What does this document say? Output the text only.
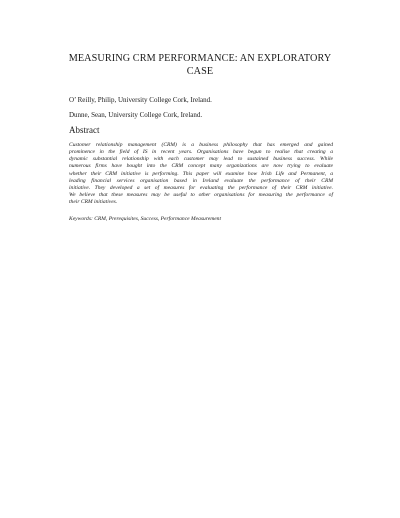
MEASURING CRM PERFORMANCE: AN EXPLORATORY
CASE

O’ Reilly, Philip, University College Cork, Ireland.

Dunne, Sean, University College Cork, Ireland.

Abstract

Customer relationship management (CRM) is a business philosophy that has emerged and gained
prominence in the field of IS in recent years. Organisations have begun to realise that creating a
dynamic substantial relationship with each customer may lead to sustained business success. While
numerous firms have bought into the CRM concept many organizations are now trying to evaluate
whether their CRM initiative is performing. This paper will examine how Irish Life and Permanent, a
leading financial services organisation based in Ireland evaluate the performance of their CRM
initiative. They developed a set of measures for evaluating the performance of their CRM initiative.
We believe that these measures may be useful to other organisations for measuring the performance of
their CRM initiatives.

Keywords: CRM, Prerequisites, Success, Performance Measurement
